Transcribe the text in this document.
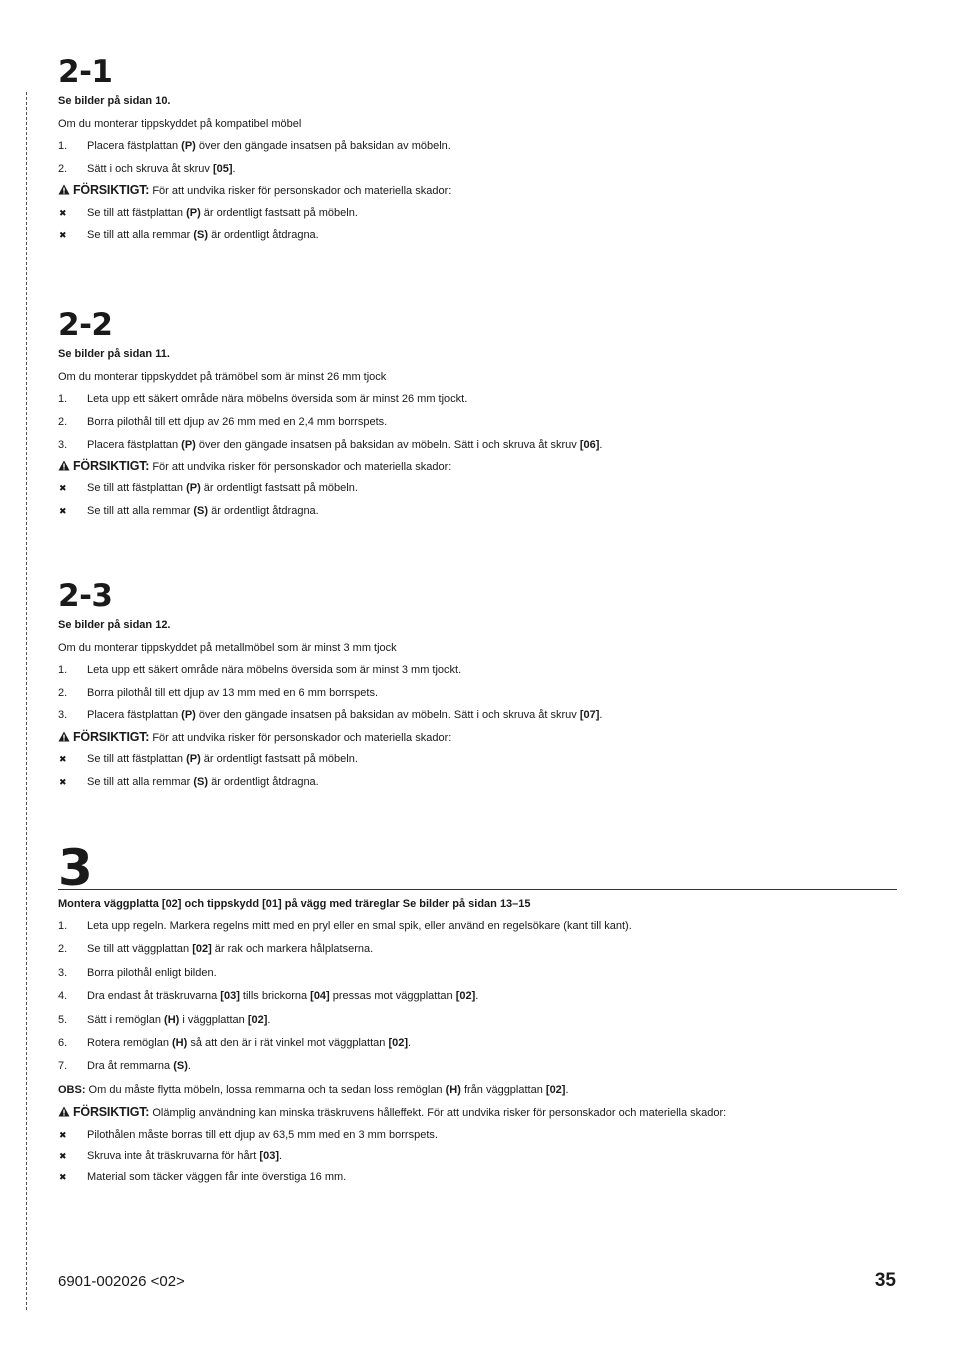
2-1
Se bilder på sidan 10.
Om du monterar tippskyddet på kompatibel möbel
1.	Placera fästplattan (P) över den gängade insatsen på baksidan av möbeln.
2.	Sätt i och skruva åt skruv [05].
FÖRSIKTIGT: För att undvika risker för personskador och materiella skador:
✖ Se till att fästplattan (P) är ordentligt fastsatt på möbeln.
✖ Se till att alla remmar (S) är ordentligt åtdragna.
2-2
Se bilder på sidan 11.
Om du monterar tippskyddet på trämöbel som är minst 26 mm tjock
1.	Leta upp ett säkert område nära möbelns översida som är minst 26 mm tjockt.
2.	Borra pilothål till ett djup av 26 mm med en 2,4 mm borrspets.
3.	Placera fästplattan (P) över den gängade insatsen på baksidan av möbeln. Sätt i och skruva åt skruv [06].
FÖRSIKTIGT: För att undvika risker för personskador och materiella skador:
✖ Se till att fästplattan (P) är ordentligt fastsatt på möbeln.
✖ Se till att alla remmar (S) är ordentligt åtdragna.
2-3
Se bilder på sidan 12.
Om du monterar tippskyddet på metallmöbel som är minst 3 mm tjock
1.	Leta upp ett säkert område nära möbelns översida som är minst 3 mm tjockt.
2.	Borra pilothål till ett djup av 13 mm med en 6 mm borrspets.
3.	Placera fästplattan (P) över den gängade insatsen på baksidan av möbeln. Sätt i och skruva åt skruv [07].
FÖRSIKTIGT: För att undvika risker för personskador och materiella skador:
✖ Se till att fästplattan (P) är ordentligt fastsatt på möbeln.
✖ Se till att alla remmar (S) är ordentligt åtdragna.
3
Montera väggplatta [02] och tippskydd [01] på vägg med träreglar Se bilder på sidan 13–15
1.	Leta upp regeln. Markera regelns mitt med en pryl eller en smal spik, eller använd en regelsökare (kant till kant).
2.	Se till att väggplattan [02] är rak och markera hålplatserna.
3.	Borra pilothål enligt bilden.
4.	Dra endast åt träskruvarna [03] tills brickorna [04] pressas mot väggplattan [02].
5.	Sätt i remöglan (H) i väggplattan [02].
6.	Rotera remöglan (H) så att den är i rät vinkel mot väggplattan [02].
7.	Dra åt remmarna (S).
OBS: Om du måste flytta möbeln, lossa remmarna och ta sedan loss remöglan (H) från väggplattan [02].
FÖRSIKTIGT: Olämplig användning kan minska träskruvens hålleffekt. För att undvika risker för personskador och materiella skador:
✖ Pilothålen måste borras till ett djup av 63,5 mm med en 3 mm borrspets.
✖ Skruva inte åt träskruvarna för hårt [03].
✖ Material som täcker väggen får inte överstiga 16 mm.
6901-002026 <02>	35
